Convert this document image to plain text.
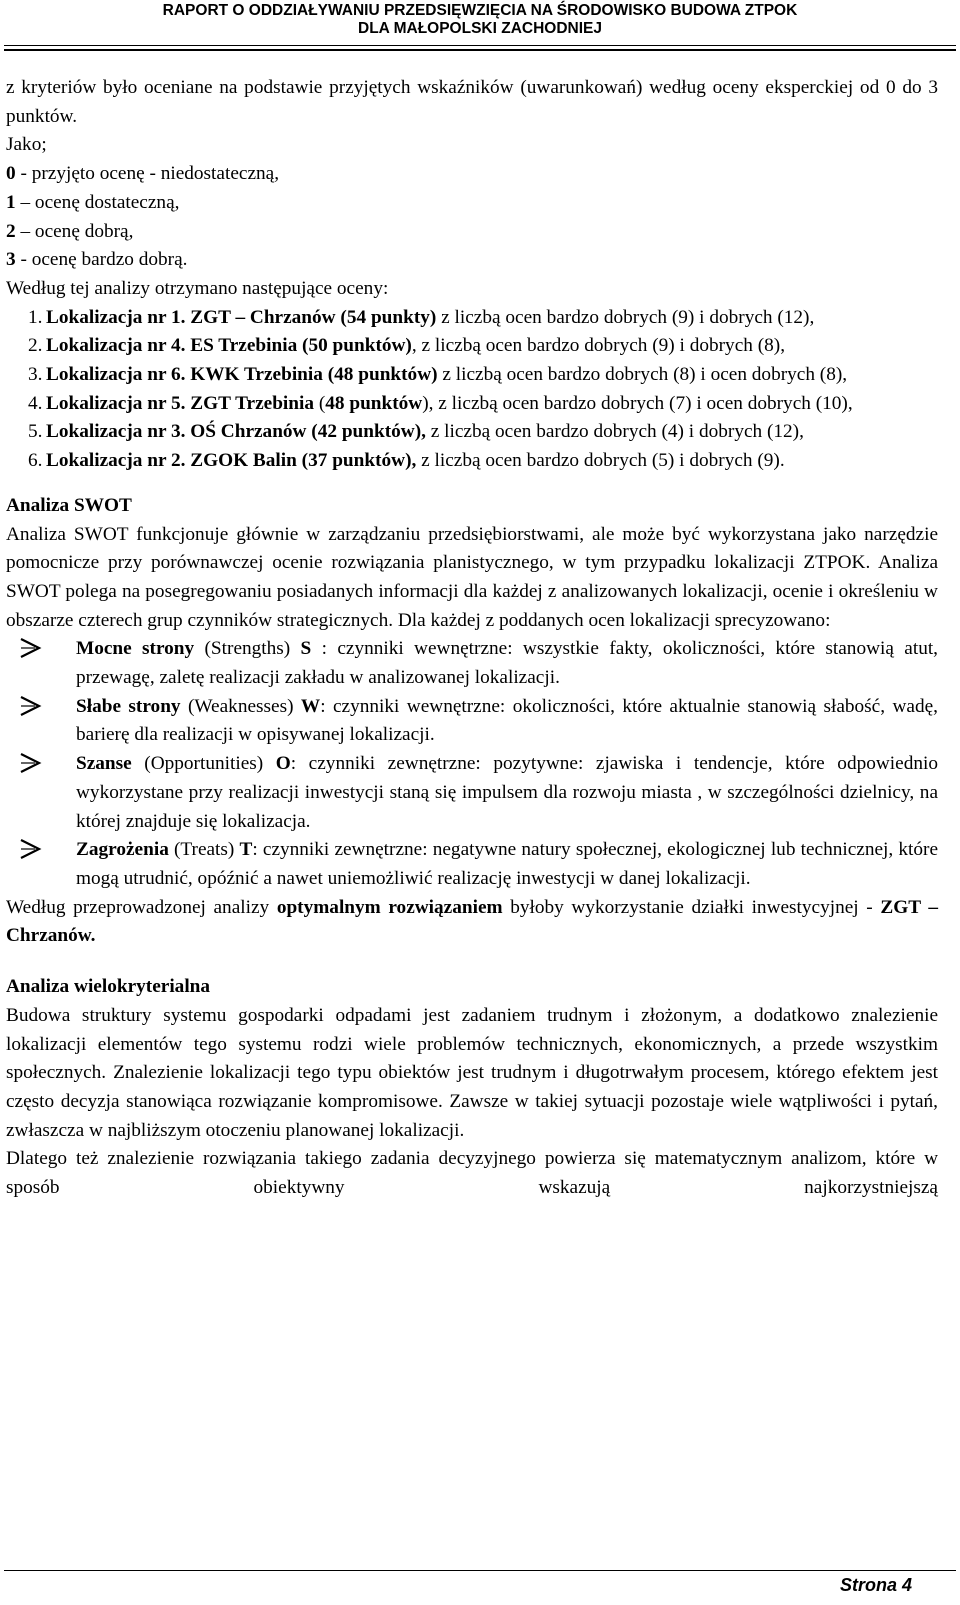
RAPORT O ODDZIAŁYWANIU PRZEDSIĘWZIĘCIA NA ŚRODOWISKO BUDOWA ZTPOK
DLA MAŁOPOLSKI ZACHODNIEJ
z kryteriów było oceniane na podstawie przyjętych wskaźników (uwarunkowań) według oceny eksperckiej od 0 do 3 punktów.
Jako;
0 - przyjęto ocenę - niedostateczną,
1 – ocenę dostateczną,
2 – ocenę dobrą,
3 - ocenę bardzo dobrą.
Według tej analizy otrzymano następujące oceny:
1. Lokalizacja nr 1. ZGT – Chrzanów (54 punkty) z liczbą ocen bardzo dobrych (9) i dobrych (12),
2. Lokalizacja nr 4. ES Trzebinia (50 punktów), z liczbą ocen bardzo dobrych (9) i dobrych (8),
3. Lokalizacja nr 6. KWK Trzebinia (48 punktów) z liczbą ocen bardzo dobrych (8) i ocen dobrych (8),
4. Lokalizacja nr 5. ZGT Trzebinia (48 punktów), z liczbą ocen bardzo dobrych (7) i ocen dobrych (10),
5. Lokalizacja nr 3. OŚ Chrzanów (42 punktów), z liczbą ocen bardzo dobrych (4) i dobrych (12),
6. Lokalizacja nr 2. ZGOK Balin (37 punktów), z liczbą ocen bardzo dobrych (5) i dobrych (9).
Analiza SWOT
Analiza SWOT funkcjonuje głównie w zarządzaniu przedsiębiorstwami, ale może być wykorzystana jako narzędzie pomocnicze przy porównawczej ocenie rozwiązania planistycznego, w tym przypadku lokalizacji ZTPOK. Analiza SWOT polega na posegregowaniu posiadanych informacji dla każdej z analizowanych lokalizacji, ocenie i określeniu w obszarze czterech grup czynników strategicznych. Dla każdej z poddanych ocen lokalizacji sprecyzowano:
Mocne strony (Strengths) S : czynniki wewnętrzne: wszystkie fakty, okoliczności, które stanowią atut, przewagę, zaletę realizacji zakładu w analizowanej lokalizacji.
Słabe strony (Weaknesses) W: czynniki wewnętrzne: okoliczności, które aktualnie stanowią słabość, wadę, barierę dla realizacji w opisywanej lokalizacji.
Szanse (Opportunities) O: czynniki zewnętrzne: pozytywne: zjawiska i tendencje, które odpowiednio wykorzystane przy realizacji inwestycji staną się impulsem dla rozwoju miasta , w szczególności dzielnicy, na której znajduje się lokalizacja.
Zagrożenia (Treats) T: czynniki zewnętrzne: negatywne natury społecznej, ekologicznej lub technicznej, które mogą utrudnić, opóźnić a nawet uniemożliwić realizację inwestycji w danej lokalizacji.
Według przeprowadzonej analizy optymalnym rozwiązaniem byłoby wykorzystanie działki inwestycyjnej - ZGT – Chrzanów.
Analiza wielokryterialna
Budowa struktury systemu gospodarki odpadami jest zadaniem trudnym i złożonym, a dodatkowo znalezienie lokalizacji elementów tego systemu rodzi wiele problemów technicznych, ekonomicznych, a przede wszystkim społecznych. Znalezienie lokalizacji tego typu obiektów jest trudnym i długotrwałym procesem, którego efektem jest często decyzja stanowiąca rozwiązanie kompromisowe. Zawsze w takiej sytuacji pozostaje wiele wątpliwości i pytań, zwłaszcza w najbliższym otoczeniu planowanej lokalizacji.
Dlatego też znalezienie rozwiązania takiego zadania decyzyjnego powierza się matematycznym analizom, które w sposób obiektywny wskazują najkorzystniejszą
Strona 4
